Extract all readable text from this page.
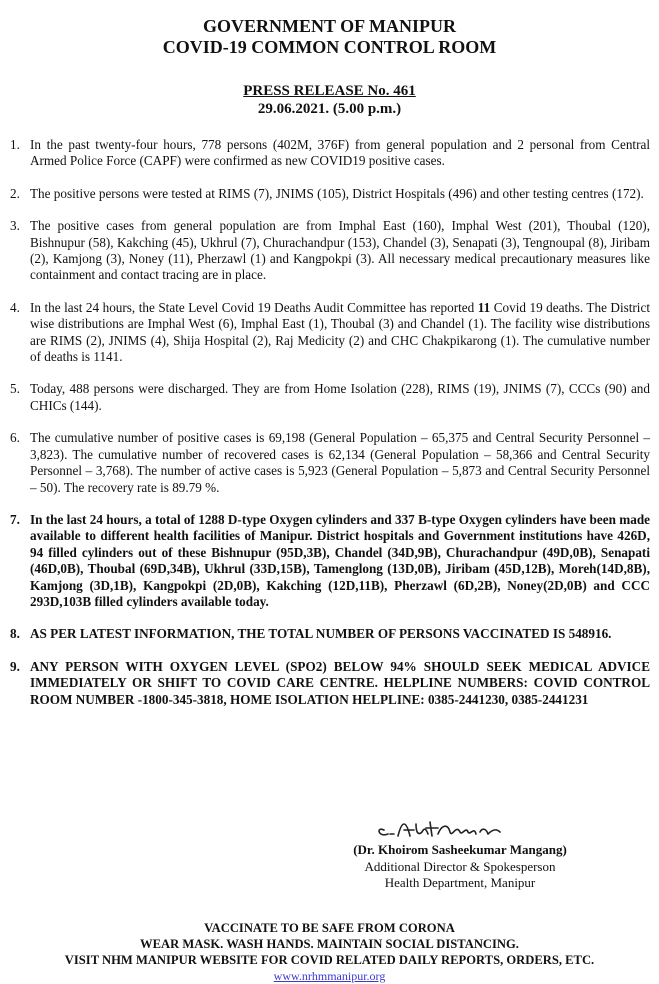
GOVERNMENT OF MANIPUR
COVID-19 COMMON CONTROL ROOM
PRESS RELEASE No. 461
29.06.2021. (5.00 p.m.)
1. In the past twenty-four hours, 778 persons (402M, 376F) from general population and 2 personal from Central Armed Police Force (CAPF) were confirmed as new COVID19 positive cases.
2. The positive persons were tested at RIMS (7), JNIMS (105), District Hospitals (496) and other testing centres (172).
3. The positive cases from general population are from Imphal East (160), Imphal West (201), Thoubal (120), Bishnupur (58), Kakching (45), Ukhrul (7), Churachandpur (153), Chandel (3), Senapati (3), Tengnoupal (8), Jiribam (2), Kamjong (3), Noney (11), Pherzawl (1) and Kangpokpi (3). All necessary medical precautionary measures like containment and contact tracing are in place.
4. In the last 24 hours, the State Level Covid 19 Deaths Audit Committee has reported 11 Covid 19 deaths. The District wise distributions are Imphal West (6), Imphal East (1), Thoubal (3) and Chandel (1). The facility wise distributions are RIMS (2), JNIMS (4), Shija Hospital (2), Raj Medicity (2) and CHC Chakpikarong (1). The cumulative number of deaths is 1141.
5. Today, 488 persons were discharged. They are from Home Isolation (228), RIMS (19), JNIMS (7), CCCs (90) and CHICs (144).
6. The cumulative number of positive cases is 69,198 (General Population – 65,375 and Central Security Personnel – 3,823). The cumulative number of recovered cases is 62,134 (General Population – 58,366 and Central Security Personnel – 3,768). The number of active cases is 5,923 (General Population – 5,873 and Central Security Personnel – 50). The recovery rate is 89.79 %.
7. In the last 24 hours, a total of 1288 D-type Oxygen cylinders and 337 B-type Oxygen cylinders have been made available to different health facilities of Manipur. District hospitals and Government institutions have 426D, 94 filled cylinders out of these Bishnupur (95D,3B), Chandel (34D,9B), Churachandpur (49D,0B), Senapati (46D,0B), Thoubal (69D,34B), Ukhrul (33D,15B), Tamenglong (13D,0B), Jiribam (45D,12B), Moreh(14D,8B), Kamjong (3D,1B), Kangpokpi (2D,0B), Kakching (12D,11B), Pherzawl (6D,2B), Noney(2D,0B) and CCC 293D,103B filled cylinders available today.
8. AS PER LATEST INFORMATION, THE TOTAL NUMBER OF PERSONS VACCINATED IS 548916.
9. ANY PERSON WITH OXYGEN LEVEL (SPO2) BELOW 94% SHOULD SEEK MEDICAL ADVICE IMMEDIATELY OR SHIFT TO COVID CARE CENTRE. HELPLINE NUMBERS: COVID CONTROL ROOM NUMBER -1800-345-3818, HOME ISOLATION HELPLINE: 0385-2441230, 0385-2441231
(Dr. Khoirom Sasheekumar Mangang)
Additional Director & Spokesperson
Health Department, Manipur
VACCINATE TO BE SAFE FROM CORONA
WEAR MASK. WASH HANDS. MAINTAIN SOCIAL DISTANCING.
VISIT NHM MANIPUR WEBSITE FOR COVID RELATED DAILY REPORTS, ORDERS, ETC.
www.nrhmmanipur.org
